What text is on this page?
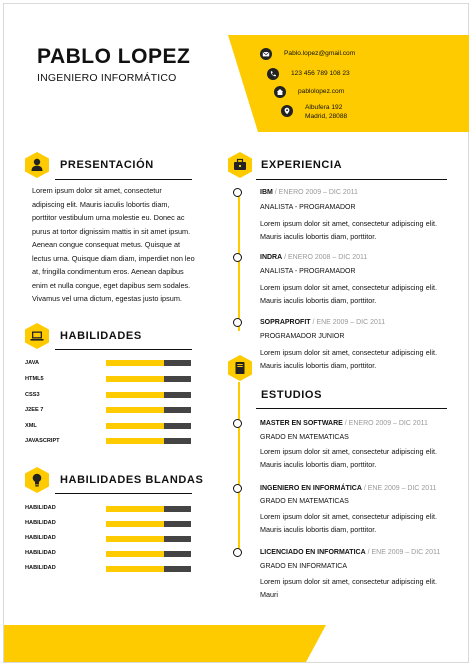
PABLO LOPEZ
INGENIERO INFORMÁTICO
Pablo.lopez@gmail.com
123 456 789 108 23
pablolopez.com
Albufera 192
Madrid, 28088
PRESENTACIÓN
Lorem ipsum dolor sit amet, consectetur
adipiscing elit. Mauris iaculis lobortis diam,
porttitor vestibulum urna molestie eu. Donec ac
purus at tortor dignissim mattis in sit amet ipsum.
Aenean congue consequat metus. Quisque at
lectus urna. Quisque diam diam, imperdiet non leo
at, fringilla condimentum eros. Aenean dapibus
enim et nulla congue, eget dapibus sem sodales.
Vivamus vel urna dictum, egestas justo ipsum.
HABILIDADES
JAVA
HTML5
CSS3
J2EE 7
XML
JAVASCRIPT
HABILIDADES BLANDAS
HABILIDAD
HABILIDAD
HABILIDAD
HABILIDAD
HABILIDAD
EXPERIENCIA
IBM / ENERO 2009 – DIC 2011
ANALISTA - PROGRAMADOR
Lorem ipsum dolor sit amet, consectetur adipiscing elit. Mauris iaculis lobortis diam, porttitor.
INDRA / ENERO 2008 – DIC 2011
ANALISTA - PROGRAMADOR
Lorem ipsum dolor sit amet, consectetur adipiscing elit. Mauris iaculis lobortis diam, porttitor.
SOPRAPROFIT / ENE 2009 – DIC 2011
PROGRAMADOR JUNIOR
Lorem ipsum dolor sit amet, consectetur adipiscing elit. Mauris iaculis lobortis diam, porttitor.
ESTUDIOS
MASTER EN SOFTWARE / ENERO 2009 – DIC 2011
GRADO EN MATEMATICAS
Lorem ipsum dolor sit amet, consectetur adipiscing elit. Mauris iaculis lobortis diam, porttitor.
INGENIERO EN INFORMÁTICA / ENE 2009 – DIC 2011
GRADO EN MATEMATICAS
Lorem ipsum dolor sit amet, consectetur adipiscing elit. Mauris iaculis lobortis diam, porttitor.
LICENCIADO EN INFORMATICA / ENE 2009 – DIC 2011
GRADO EN INFORMATICA
Lorem ipsum dolor sit amet, consectetur adipiscing elit. Mauri
